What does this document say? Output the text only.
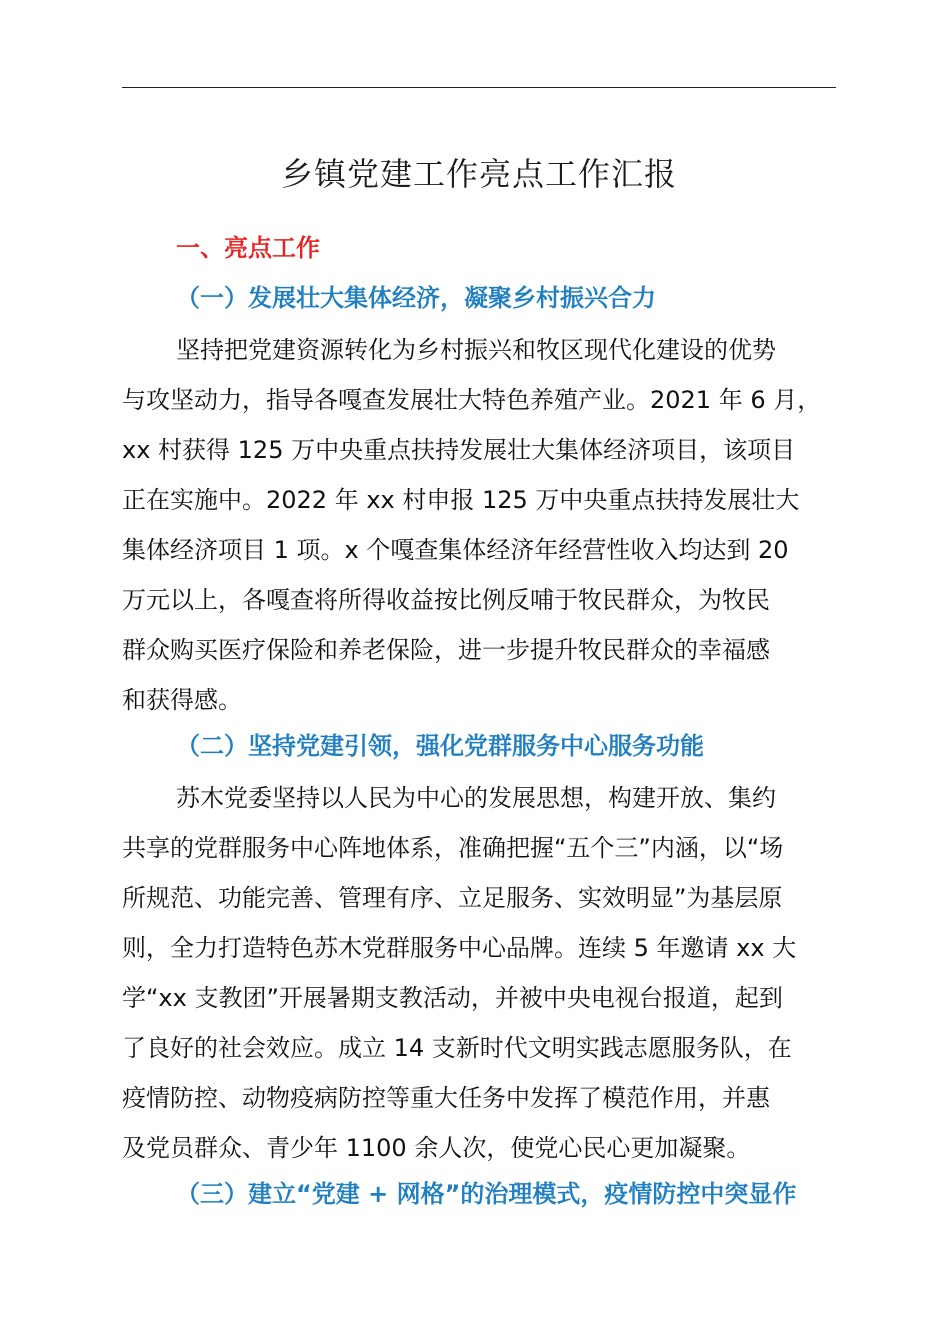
乡镇党建工作亮点工作汇报
一、亮点工作
（一）发展壮大集体经济，凝聚乡村振兴合力
坚持把党建资源转化为乡村振兴和牧区现代化建设的优势
与攻坚动力，指导各嘎查发展壮大特色养殖产业。2021 年 6 月，
xx 村获得 125 万中央重点扶持发展壮大集体经济项目，该项目
正在实施中。2022 年 xx 村申报 125 万中央重点扶持发展壮大
集体经济项目 1 项。x 个嘎查集体经济年经营性收入均达到 20
万元以上，各嘎查将所得收益按比例反哺于牧民群众，为牧民
群众购买医疗保险和养老保险，进一步提升牧民群众的幸福感
和获得感。
（二）坚持党建引领，强化党群服务中心服务功能
苏木党委坚持以人民为中心的发展思想，构建开放、集约
共享的党群服务中心阵地体系，准确把握“五个三”内涵，以“场
所规范、功能完善、管理有序、立足服务、实效明显”为基层原
则，全力打造特色苏木党群服务中心品牌。连续 5 年邀请 xx 大
学“xx 支教团”开展暑期支教活动，并被中央电视台报道，起到
了良好的社会效应。成立 14 支新时代文明实践志愿服务队，在
疫情防控、动物疫病防控等重大任务中发挥了模范作用，并惠
及党员群众、青少年 1100 余人次，使党心民心更加凝聚。
（三）建立“党建 + 网格”的治理模式，疫情防控中突显作
